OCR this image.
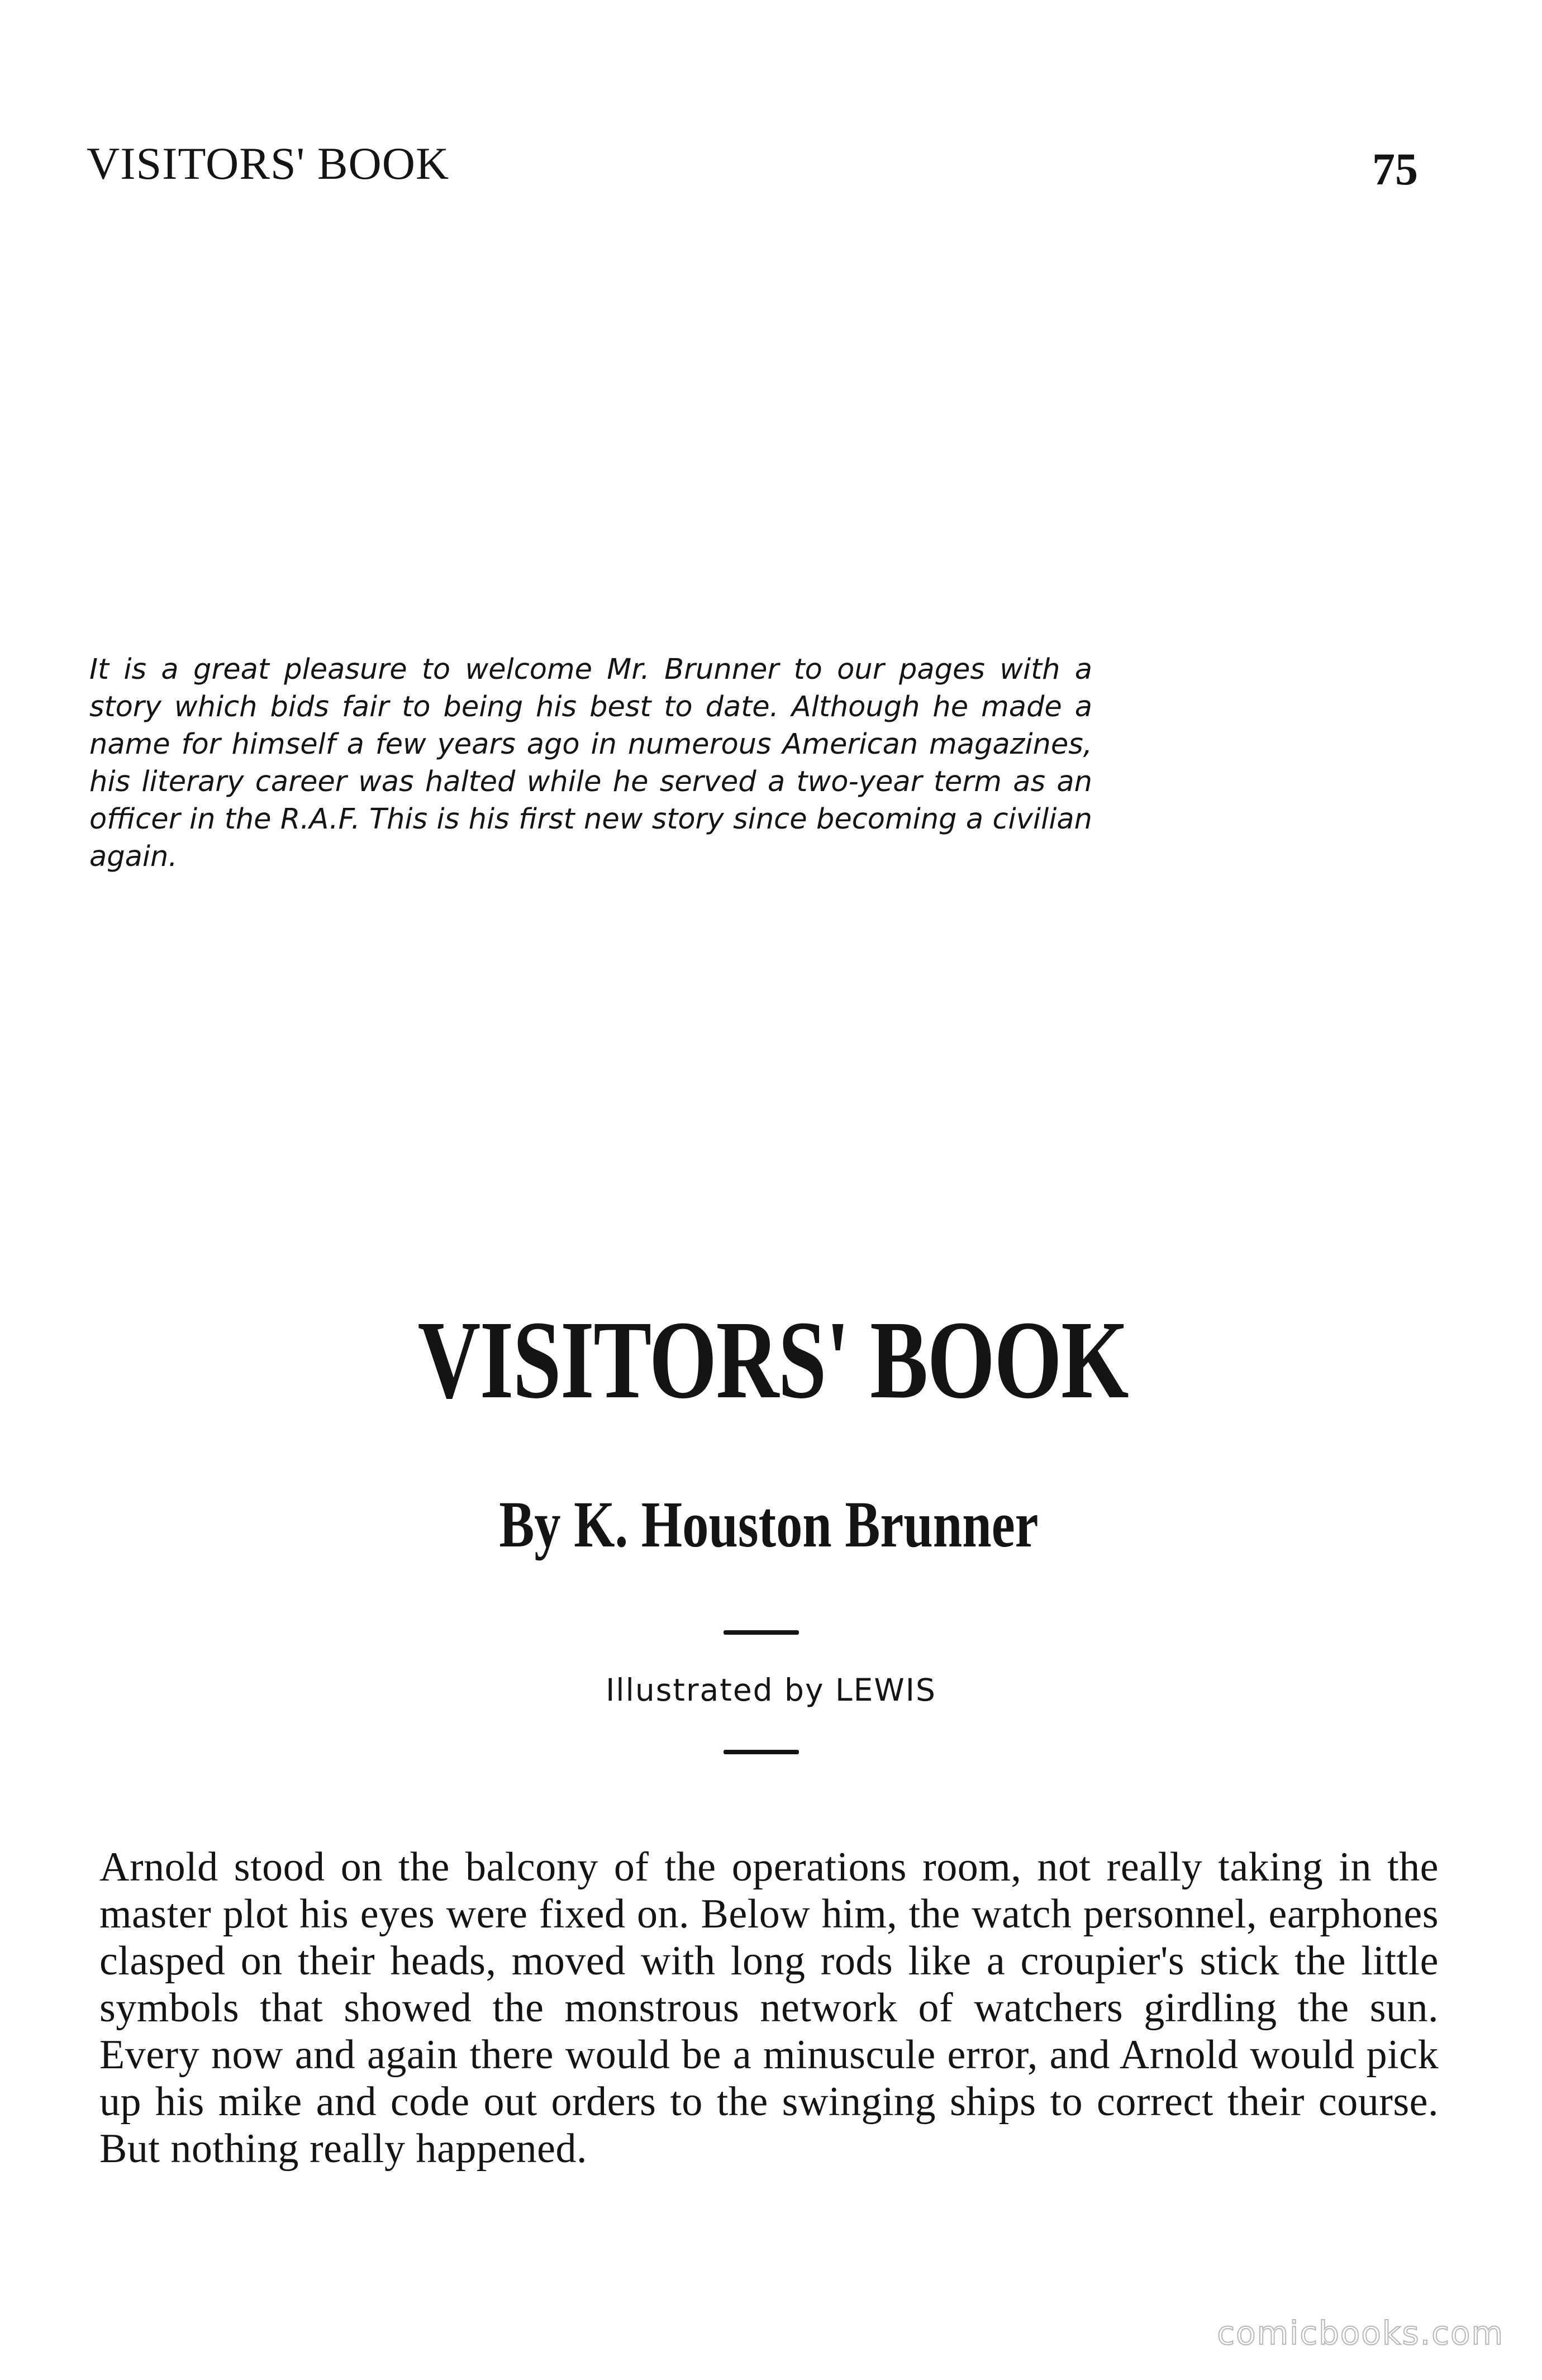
VISITORS' BOOK	75

It is a great pleasure to welcome Mr. Brunner to our pages with a story which bids fair to being his best to date. Although he made a name for himself a few years ago in numerous American magazines, his literary career was halted while he served a two-year term as an officer in the R.A.F. This is his first new story since becoming a civilian again.

VISITORS' BOOK
By K. Houston Brunner
Illustrated by LEWIS

Arnold stood on the balcony of the operations room, not really taking in the master plot his eyes were fixed on. Below him, the watch personnel, earphones clasped on their heads, moved with long rods like a croupier's stick the little symbols that showed the monstrous network of watchers girdling the sun. Every now and again there would be a minuscule error, and Arnold would pick up his mike and code out orders to the swinging ships to correct their course. But nothing really happened.

comicbooks.com
